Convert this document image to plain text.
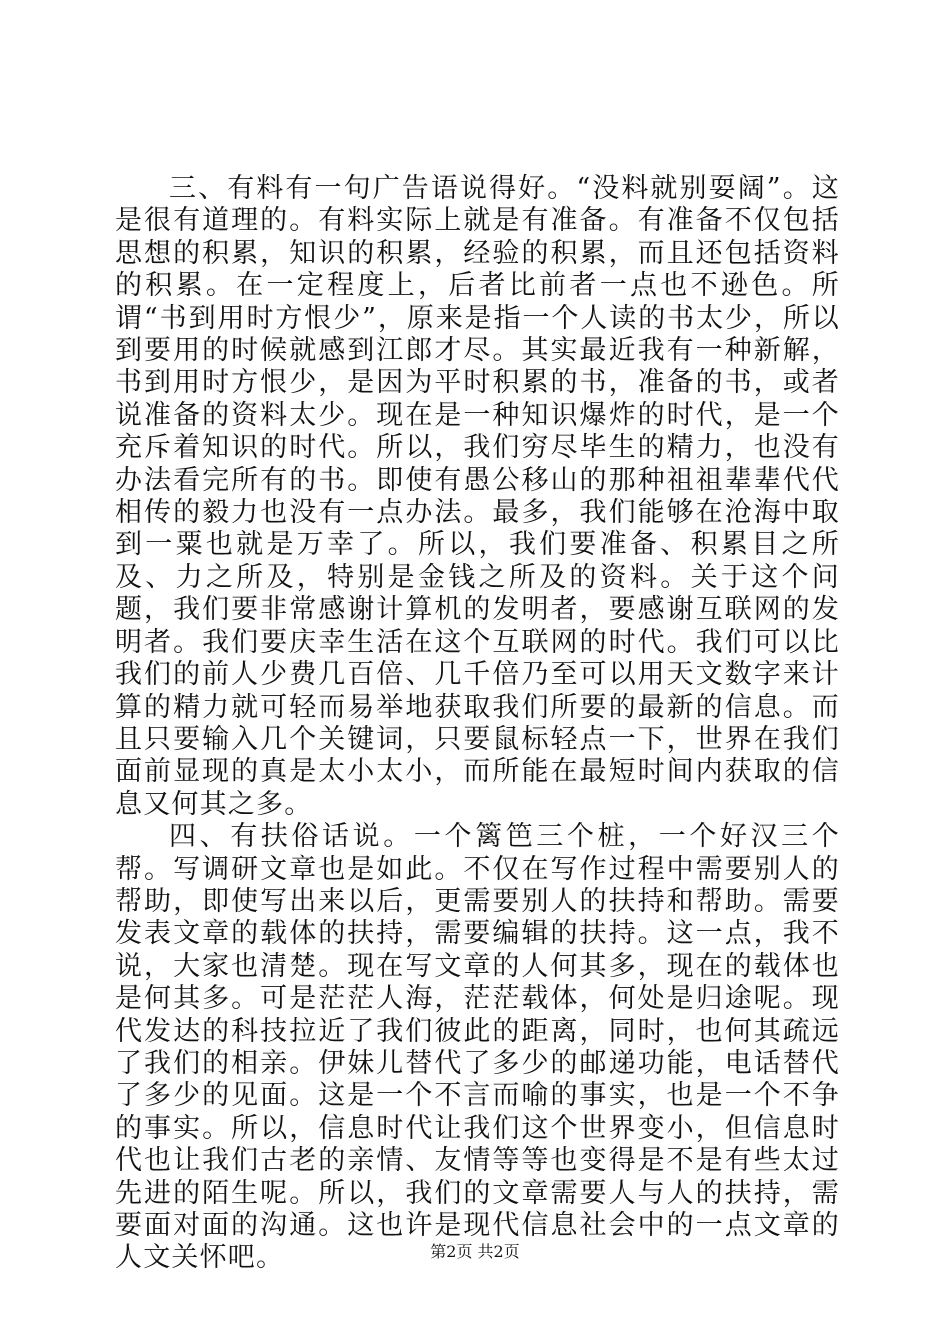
三、有料有一句广告语说得好。“没料就别耍阔”。这是很有道理的。有料实际上就是有准备。有准备不仅包括思想的积累，知识的积累，经验的积累，而且还包括资料的积累。在一定程度上，后者比前者一点也不逊色。所谓“书到用时方恨少”，原来是指一个人读的书太少，所以到要用的时候就感到江郎才尽。其实最近我有一种新解，书到用时方恨少，是因为平时积累的书，准备的书，或者说准备的资料太少。现在是一种知识爆炸的时代，是一个充斥着知识的时代。所以，我们穷尽毕生的精力，也没有办法看完所有的书。即使有愚公移山的那种祖祖辈辈代代相传的毅力也没有一点办法。最多，我们能够在沧海中取到一粟也就是万幸了。所以，我们要准备、积累目之所及、力之所及，特别是金钱之所及的资料。关于这个问题，我们要非常感谢计算机的发明者，要感谢互联网的发明者。我们要庆幸生活在这个互联网的时代。我们可以比我们的前人少费几百倍、几千倍乃至可以用天文数字来计算的精力就可轻而易举地获取我们所要的最新的信息。而且只要输入几个关键词，只要鼠标轻点一下，世界在我们面前显现的真是太小太小，而所能在最短时间内获取的信息又何其之多。

四、有扶俗话说。一个篱笆三个桩，一个好汉三个帮。写调研文章也是如此。不仅在写作过程中需要别人的帮助，即使写出来以后，更需要别人的扶持和帮助。需要发表文章的载体的扶持，需要编辑的扶持。这一点，我不说，大家也清楚。现在写文章的人何其多，现在的载体也是何其多。可是茫茫人海，茫茫载体，何处是归途呢。现代发达的科技拉近了我们彼此的距离，同时，也何其疏远了我们的相亲。伊妹儿替代了多少的邮递功能，电话替代了多少的见面。这是一个不言而喻的事实，也是一个不争的事实。所以，信息时代让我们这个世界变小，但信息时代也让我们古老的亲情、友情等等也变得是不是有些太过先进的陌生呢。所以，我们的文章需要人与人的扶持，需要面对面的沟通。这也许是现代信息社会中的一点文章的人文关怀吧。	第2页 共2页
